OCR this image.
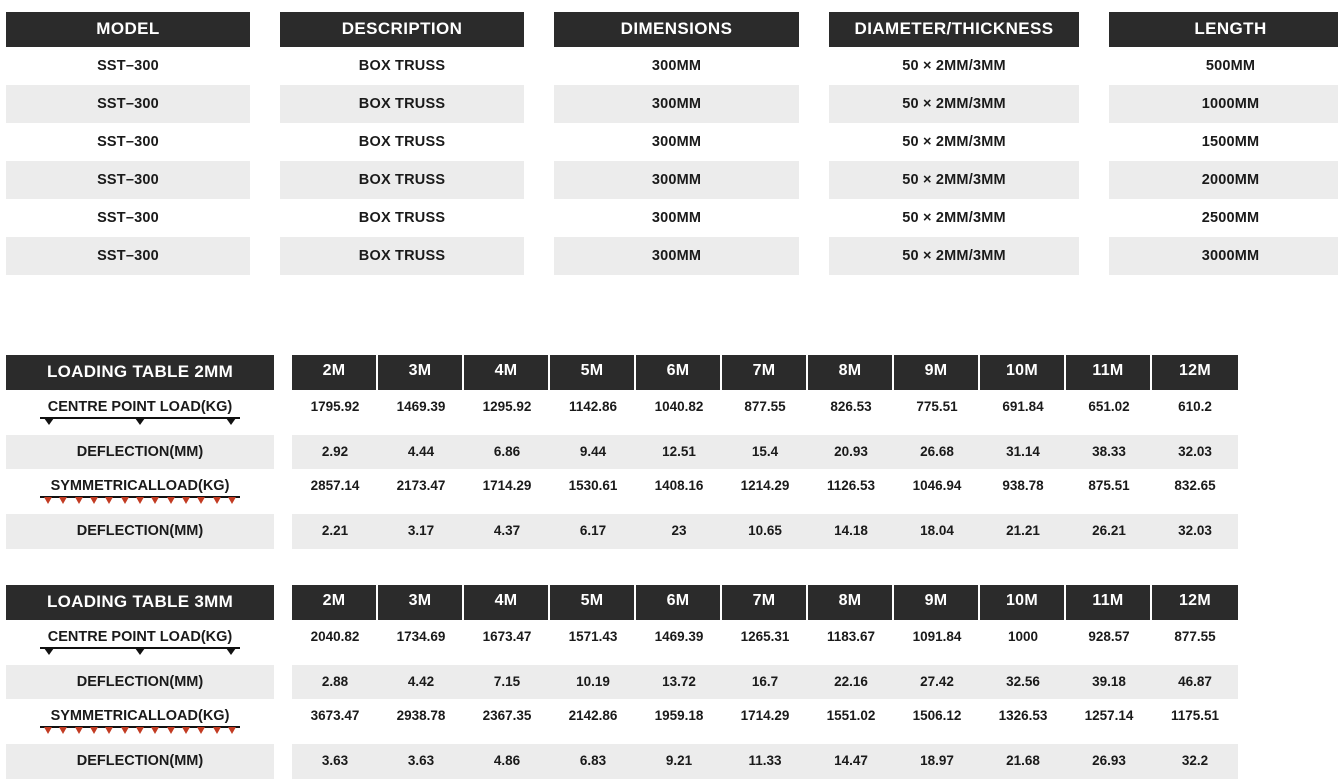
MODEL	DESCRIPTION	DIMENSIONS	DIAMETER/THICKNESS	LENGTH
SST–300	BOX TRUSS	300MM	50 × 2MM/3MM	500MM
SST–300	BOX TRUSS	300MM	50 × 2MM/3MM	1000MM
SST–300	BOX TRUSS	300MM	50 × 2MM/3MM	1500MM
SST–300	BOX TRUSS	300MM	50 × 2MM/3MM	2000MM
SST–300	BOX TRUSS	300MM	50 × 2MM/3MM	2500MM
SST–300	BOX TRUSS	300MM	50 × 2MM/3MM	3000MM
LOADING TABLE 2MM	2M	3M	4M	5M	6M	7M	8M	9M	10M	11M	12M
CENTRE POINT LOAD(KG)	1795.92	1469.39	1295.92	1142.86	1040.82	877.55	826.53	775.51	691.84	651.02	610.2
DEFLECTION(MM)	2.92	4.44	6.86	9.44	12.51	15.4	20.93	26.68	31.14	38.33	32.03
SYMMETRICALLOAD(KG)	2857.14	2173.47	1714.29	1530.61	1408.16	1214.29	1126.53	1046.94	938.78	875.51	832.65
DEFLECTION(MM)	2.21	3.17	4.37	6.17	23	10.65	14.18	18.04	21.21	26.21	32.03
LOADING TABLE 3MM	2M	3M	4M	5M	6M	7M	8M	9M	10M	11M	12M
CENTRE POINT LOAD(KG)	2040.82	1734.69	1673.47	1571.43	1469.39	1265.31	1183.67	1091.84	1000	928.57	877.55
DEFLECTION(MM)	2.88	4.42	7.15	10.19	13.72	16.7	22.16	27.42	32.56	39.18	46.87
SYMMETRICALLOAD(KG)	3673.47	2938.78	2367.35	2142.86	1959.18	1714.29	1551.02	1506.12	1326.53	1257.14	1175.51
DEFLECTION(MM)	3.63	3.63	4.86	6.83	9.21	11.33	14.47	18.97	21.68	26.93	32.2
